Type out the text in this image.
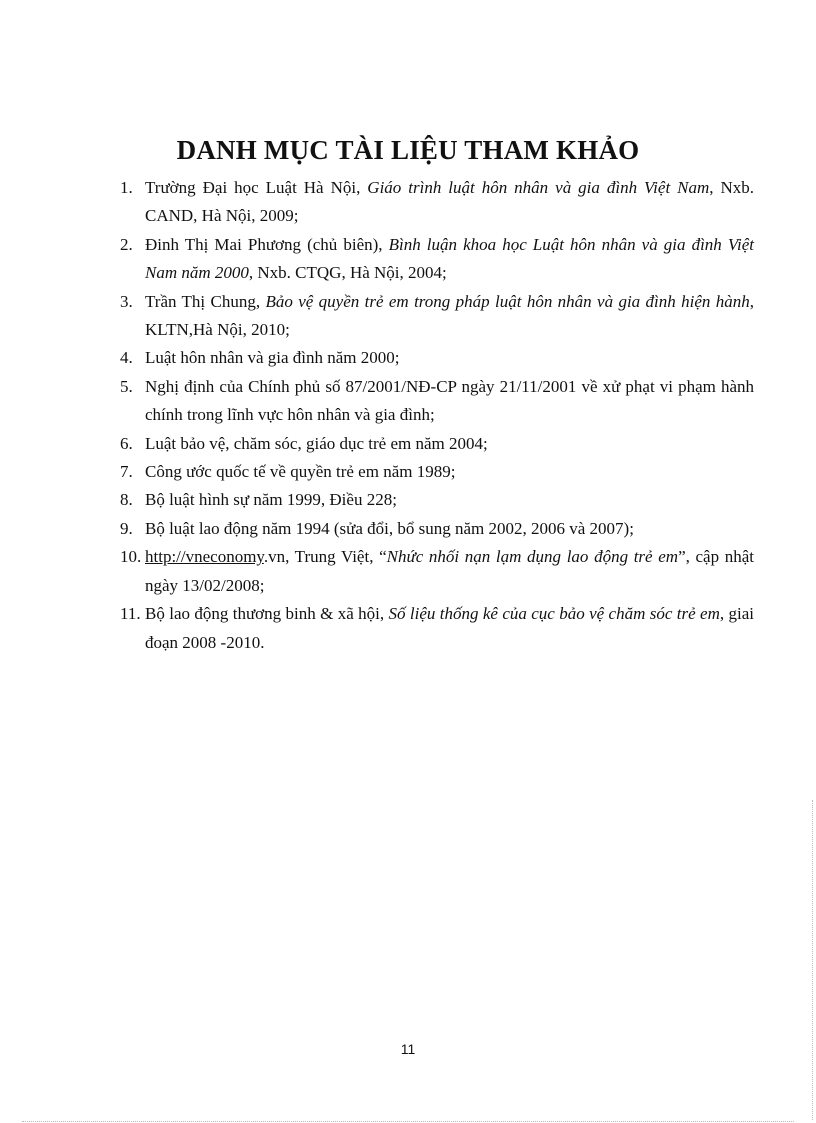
DANH MỤC TÀI LIỆU THAM KHẢO
1. Trường Đại học Luật Hà Nội, Giáo trình luật hôn nhân và gia đình Việt Nam, Nxb. CAND, Hà Nội, 2009;
2. Đinh Thị Mai Phương (chủ biên), Bình luận khoa học Luật hôn nhân và gia đình Việt Nam năm 2000, Nxb. CTQG, Hà Nội, 2004;
3. Trần Thị Chung, Bảo vệ quyền trẻ em trong pháp luật hôn nhân và gia đình hiện hành, KLTN,Hà Nội, 2010;
4. Luật hôn nhân và gia đình năm 2000;
5. Nghị định của Chính phủ số 87/2001/NĐ-CP ngày 21/11/2001 về xử phạt vi phạm hành chính trong lĩnh vực hôn nhân và gia đình;
6. Luật bảo vệ, chăm sóc, giáo dục trẻ em năm 2004;
7. Công ước quốc tế về quyền trẻ em năm 1989;
8. Bộ luật hình sự năm 1999, Điều 228;
9. Bộ luật lao động năm 1994 (sửa đổi, bổ sung năm 2002, 2006 và 2007);
10. http://vneconomy.vn, Trung Việt, “Nhức nhối nạn lạm dụng lao động trẻ em”, cập nhật ngày 13/02/2008;
11. Bộ lao động thương binh & xã hội, Số liệu thống kê của cục bảo vệ chăm sóc trẻ em, giai đoạn 2008 -2010.
11
